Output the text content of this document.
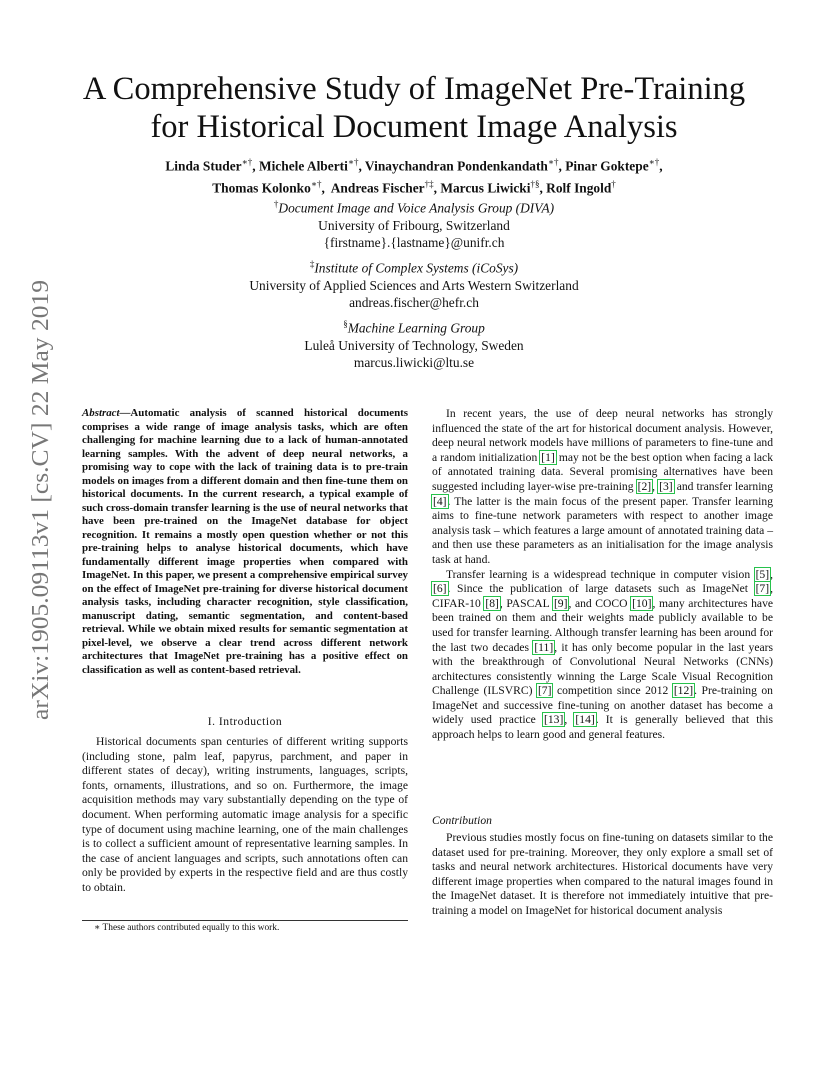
arXiv:1905.09113v1 [cs.CV] 22 May 2019
A Comprehensive Study of ImageNet Pre-Training
for Historical Document Image Analysis
Linda Studer∗†, Michele Alberti∗†, Vinaychandran Pondenkandath∗†, Pinar Goktepe∗†,
Thomas Kolonko∗†,  Andreas Fischer†‡, Marcus Liwicki†§, Rolf Ingold†
†Document Image and Voice Analysis Group (DIVA)
University of Fribourg, Switzerland
{firstname}.{lastname}@unifr.ch
‡Institute of Complex Systems (iCoSys)
University of Applied Sciences and Arts Western Switzerland
andreas.fischer@hefr.ch
§Machine Learning Group
Luleå University of Technology, Sweden
marcus.liwicki@ltu.se
Abstract—Automatic analysis of scanned historical documents comprises a wide range of image analysis tasks, which are often challenging for machine learning due to a lack of human-annotated learning samples. With the advent of deep neural networks, a promising way to cope with the lack of training data is to pre-train models on images from a different domain and then fine-tune them on historical documents. In the current research, a typical example of such cross-domain transfer learning is the use of neural networks that have been pre-trained on the ImageNet database for object recognition. It remains a mostly open question whether or not this pre-training helps to analyse historical documents, which have fundamentally different image properties when compared with ImageNet. In this paper, we present a comprehensive empirical survey on the effect of ImageNet pre-training for diverse historical document analysis tasks, including character recognition, style classification, manuscript dating, semantic segmentation, and content-based retrieval. While we obtain mixed results for semantic segmentation at pixel-level, we observe a clear trend across different network architectures that ImageNet pre-training has a positive effect on classification as well as content-based retrieval.
I. Introduction

Historical documents span centuries of different writing supports (including stone, palm leaf, papyrus, parchment, and paper in different states of decay), writing instruments, languages, scripts, fonts, ornaments, illustrations, and so on. Furthermore, the image acquisition methods may vary substantially depending on the type of document. When performing automatic image analysis for a specific type of document using machine learning, one of the main challenges is to collect a sufficient amount of representative learning samples. In the case of ancient languages and scripts, such annotations often can only be provided by experts in the respective field and are thus costly to obtain.

∗ These authors contributed equally to this work.

In recent years, the use of deep neural networks has strongly influenced the state of the art for historical document analysis. However, deep neural network models have millions of parameters to fine-tune and a random initialization [1] may not be the best option when facing a lack of annotated training data. Several promising alternatives have been suggested including layer-wise pre-training [2], [3] and transfer learning [4]. The latter is the main focus of the present paper. Transfer learning aims to fine-tune network parameters with respect to another image analysis task – which features a large amount of annotated training data – and then use these parameters as an initialisation for the image analysis task at hand.

Transfer learning is a widespread technique in computer vision [5], [6]. Since the publication of large datasets such as ImageNet [7], CIFAR-10 [8], PASCAL [9], and COCO [10], many architectures have been trained on them and their weights made publicly available to be used for transfer learning. Although transfer learning has been around for the last two decades [11], it has only become popular in the last years with the breakthrough of Convolutional Neural Networks (CNNs) architectures consistently winning the Large Scale Visual Recognition Challenge (ILSVRC) [7] competition since 2012 [12]. Pre-training on ImageNet and successive fine-tuning on another dataset has become a widely used practice [13], [14]. It is generally believed that this approach helps to learn good and general features.

Contribution

Previous studies mostly focus on fine-tuning on datasets similar to the dataset used for pre-training. Moreover, they only explore a small set of tasks and neural network architectures. Historical documents have very different image properties when compared to the natural images found in the ImageNet dataset. It is therefore not immediately intuitive that pre-training a model on ImageNet for historical document analysis
